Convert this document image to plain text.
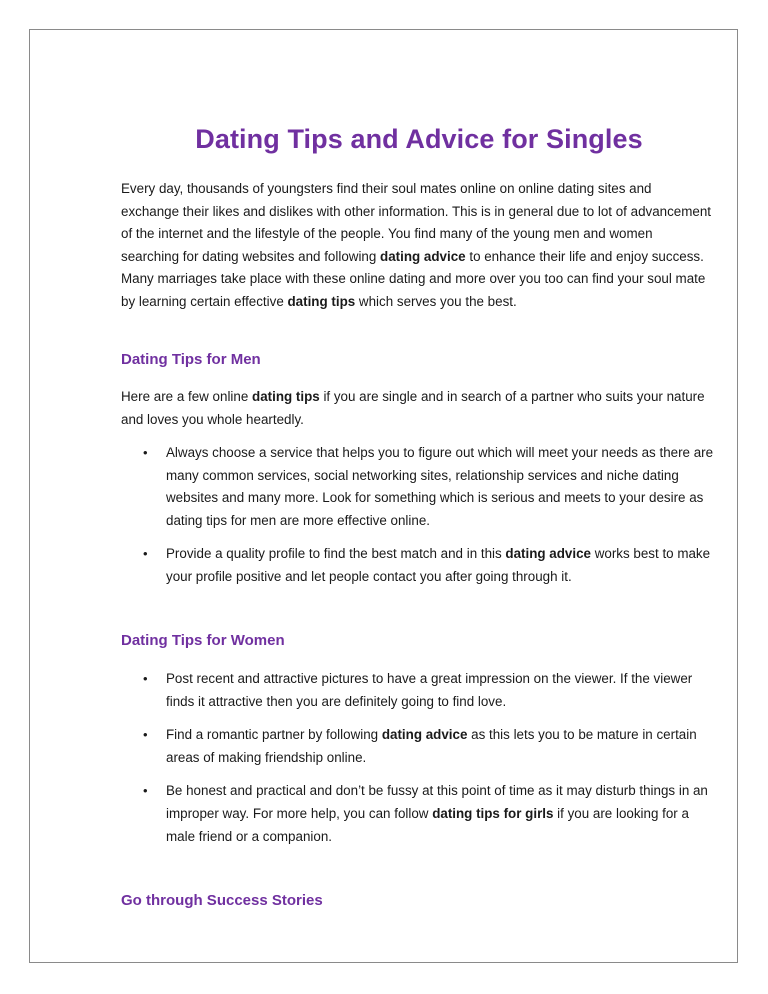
Dating Tips and Advice for Singles

Every day, thousands of youngsters find their soul mates online on online dating sites and exchange their likes and dislikes with other information. This is in general due to lot of advancement of the internet and the lifestyle of the people. You find many of the young men and women searching for dating websites and following dating advice to enhance their life and enjoy success. Many marriages take place with these online dating and more over you too can find your soul mate by learning certain effective dating tips which serves you the best.

Dating Tips for Men

Here are a few online dating tips if you are single and in search of a partner who suits your nature and loves you whole heartedly.

• Always choose a service that helps you to figure out which will meet your needs as there are many common services, social networking sites, relationship services and niche dating websites and many more. Look for something which is serious and meets to your desire as dating tips for men are more effective online.

• Provide a quality profile to find the best match and in this dating advice works best to make your profile positive and let people contact you after going through it.

Dating Tips for Women
• Post recent and attractive pictures to have a great impression on the viewer. If the viewer finds it attractive then you are definitely going to find love.

• Find a romantic partner by following dating advice as this lets you to be mature in certain areas of making friendship online.

• Be honest and practical and don’t be fussy at this point of time as it may disturb things in an improper way. For more help, you can follow dating tips for girls if you are looking for a male friend or a companion.

Go through Success Stories
